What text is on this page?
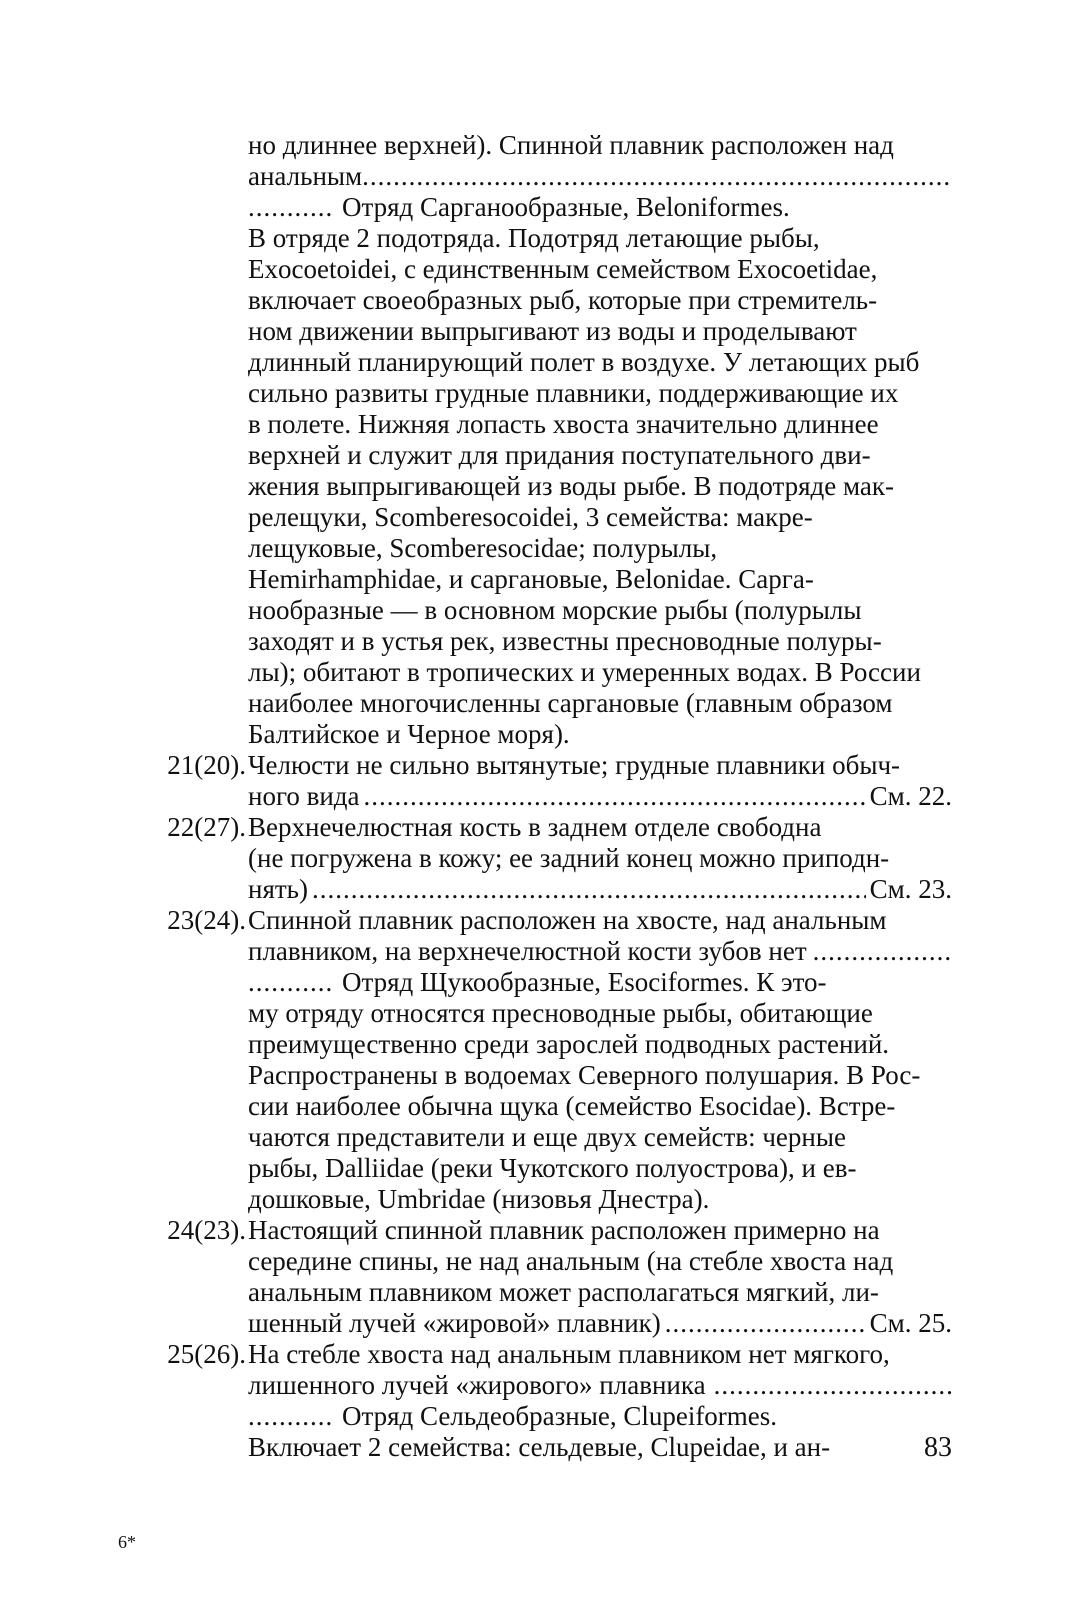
но длиннее верхней). Спинной плавник расположен над
анальным
.....
.....
Отряд Сарганообразные, Beloniformes.
В отряде 2 подотряда. Подотряд летающие рыбы,
Exocoetoidei, с единственным семейством Exocoetidae,
включает своеобразных рыб, которые при стремитель-
ном движении выпрыгивают из воды и проделывают
длинный планирующий полет в воздухе. У летающих рыб
сильно развиты грудные плавники, поддерживающие их
в полете. Нижняя лопасть хвоста значительно длиннее
верхней и служит для придания поступательного дви-
жения выпрыгивающей из воды рыбе. В подотряде мак-
релещуки, Scomberesocoidei, 3 семейства: макре-
лещуковые, Scomberesocidae; полурылы,
Hemirhamphidae, и саргановые, Belonidae. Сарга-
нообразные — в основном морские рыбы (полурылы
заходят и в устья рек, известны пресноводные полуры-
лы); обитают в тропических и умеренных водах. В России
наиболее многочисленны саргановые (главным образом
Балтийское и Черное моря).
21(20). Челюсти не сильно вытянутые; грудные плавники обыч-
ного вида .....	См. 22.
22(27). Верхнечелюстная кость в заднем отделе свободна
(не погружена в кожу; ее задний конец можно приподн-
нять) .....	См. 23.
23(24). Спинной плавник расположен на хвосте, над анальным
плавником, на верхнечелюстной кости зубов нет
.....
.....
Отряд Щукообразные, Esociformes. К это-
му отряду относятся пресноводные рыбы, обитающие
преимущественно среди зарослей подводных растений.
Распространены в водоемах Северного полушария. В Рос-
сии наиболее обычна щука (семейство Esocidae). Встре-
чаются представители и еще двух семейств: черные
рыбы, Dalliidae (реки Чукотского полуострова), и ев-
дошковые, Umbridae (низовья Днестра).
24(23). Настоящий спинной плавник расположен примерно на
середине спины, не над анальным (на стебле хвоста над
анальным плавником может располагаться мягкий, ли-
шенный лучей «жировой» плавник) .....	См. 25.
25(26). На стебле хвоста над анальным плавником нет мягкого,
лишенного лучей «жирового» плавника
.....
.....
Отряд Сельдеобразные, Clupeiformes.
Включает 2 семейства: сельдевые, Clupeidae, и ан-	83
6*
